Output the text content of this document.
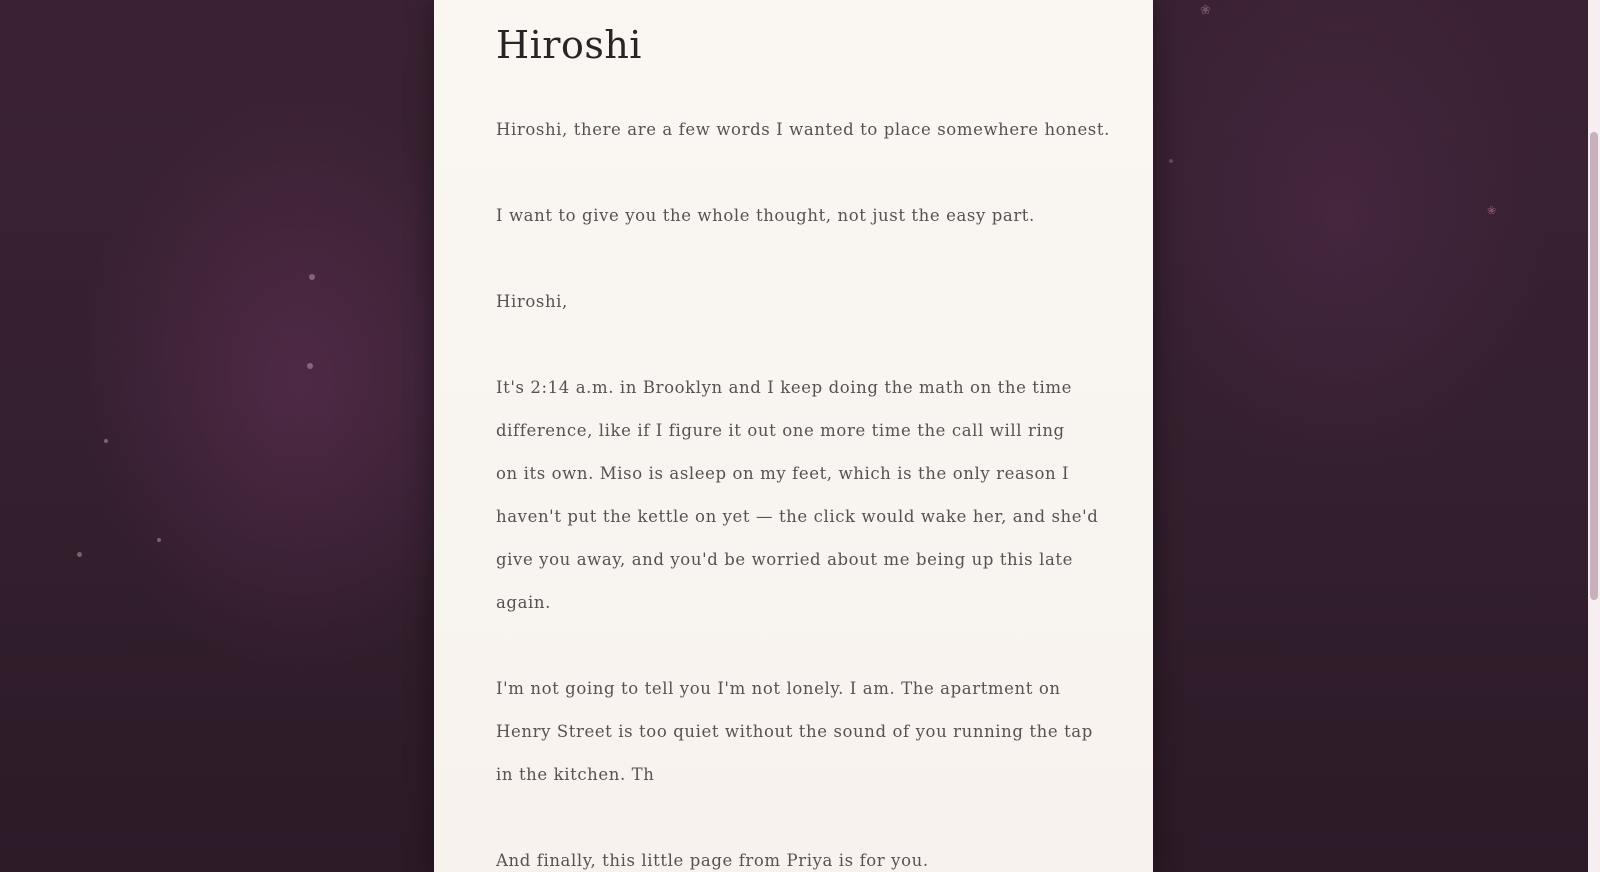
❀
❀
Hiroshi

Hiroshi, there are a few words I wanted to place somewhere honest.

I want to give you the whole thought, not just the easy part.

Hiroshi,

It's 2:14 a.m. in Brooklyn and I keep doing the math on the time
difference, like if I figure it out one more time the call will ring
on its own. Miso is asleep on my feet, which is the only reason I
haven't put the kettle on yet — the click would wake her, and she'd
give you away, and you'd be worried about me being up this late
again.

I'm not going to tell you I'm not lonely. I am. The apartment on
Henry Street is too quiet without the sound of you running the tap
in the kitchen. Th

And finally, this little page from Priya is for you.
